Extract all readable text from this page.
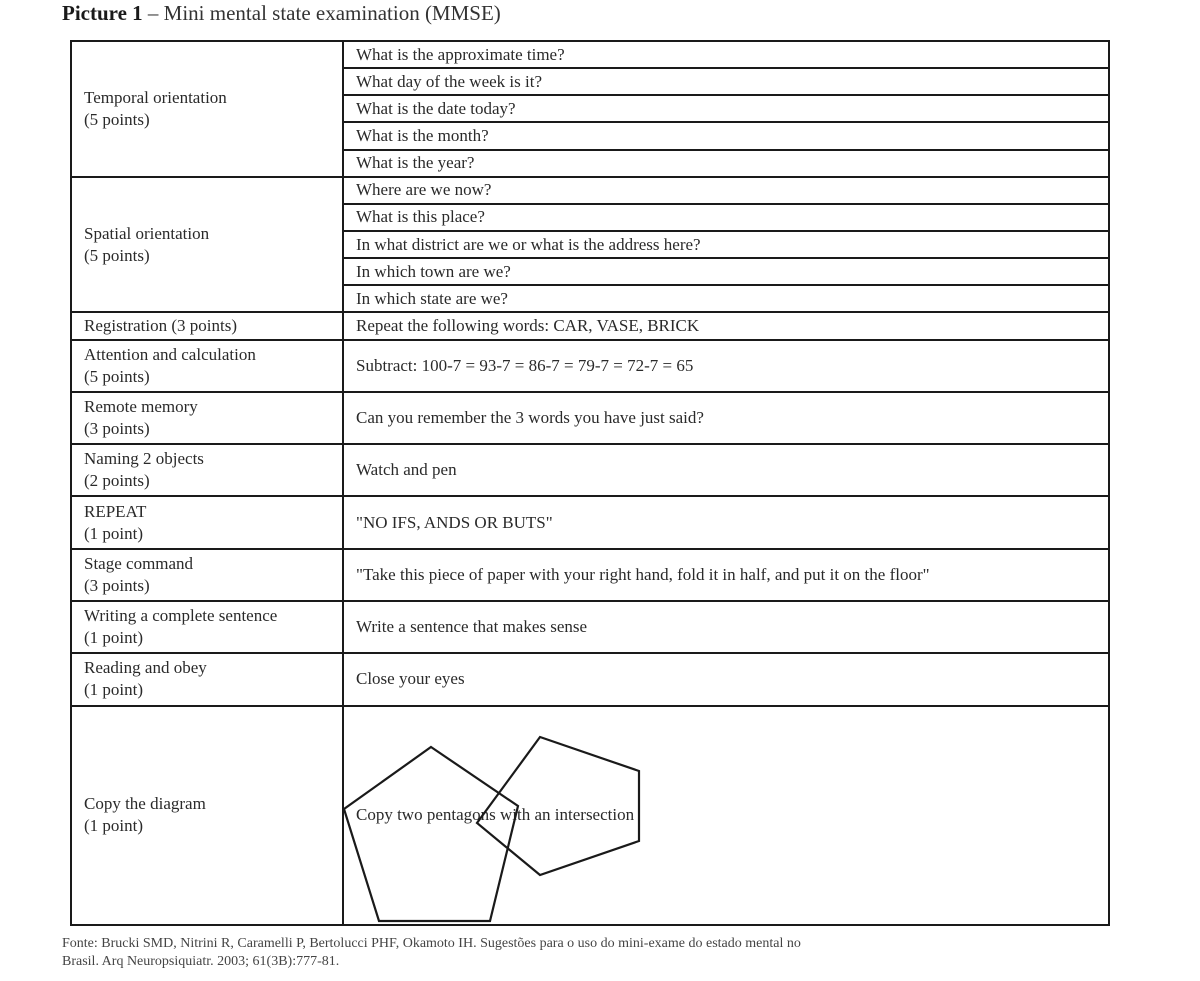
Picture 1 – Mini mental state examination (MMSE)
Temporal orientation
(5 points)	What is the approximate time?
	What day of the week is it?
	What is the date today?
	What is the month?
	What is the year?
Spatial orientation
(5 points)	Where are we now?
	What is this place?
	In what district are we or what is the address here?
	In which town are we?
	In which state are we?
Registration (3 points)	Repeat the following words: CAR, VASE, BRICK
Attention and calculation
(5 points)	Subtract: 100-7 = 93-7 = 86-7 = 79-7 = 72-7 = 65
Remote memory
(3 points)	Can you remember the 3 words you have just said?
Naming 2 objects
(2 points)	Watch and pen
REPEAT
(1 point)	"NO IFS, ANDS OR BUTS"
Stage command
(3 points)	"Take this piece of paper with your right hand, fold it in half, and put it on the floor"
Writing a complete sentence
(1 point)	Write a sentence that makes sense
Reading and obey
(1 point)	Close your eyes
Copy the diagram
(1 point)	Copy two pentagons with an intersection
Fonte: Brucki SMD, Nitrini R, Caramelli P, Bertolucci PHF, Okamoto IH. Sugestões para o uso do mini-exame do estado mental no
Brasil. Arq Neuropsiquiatr. 2003; 61(3B):777-81.
